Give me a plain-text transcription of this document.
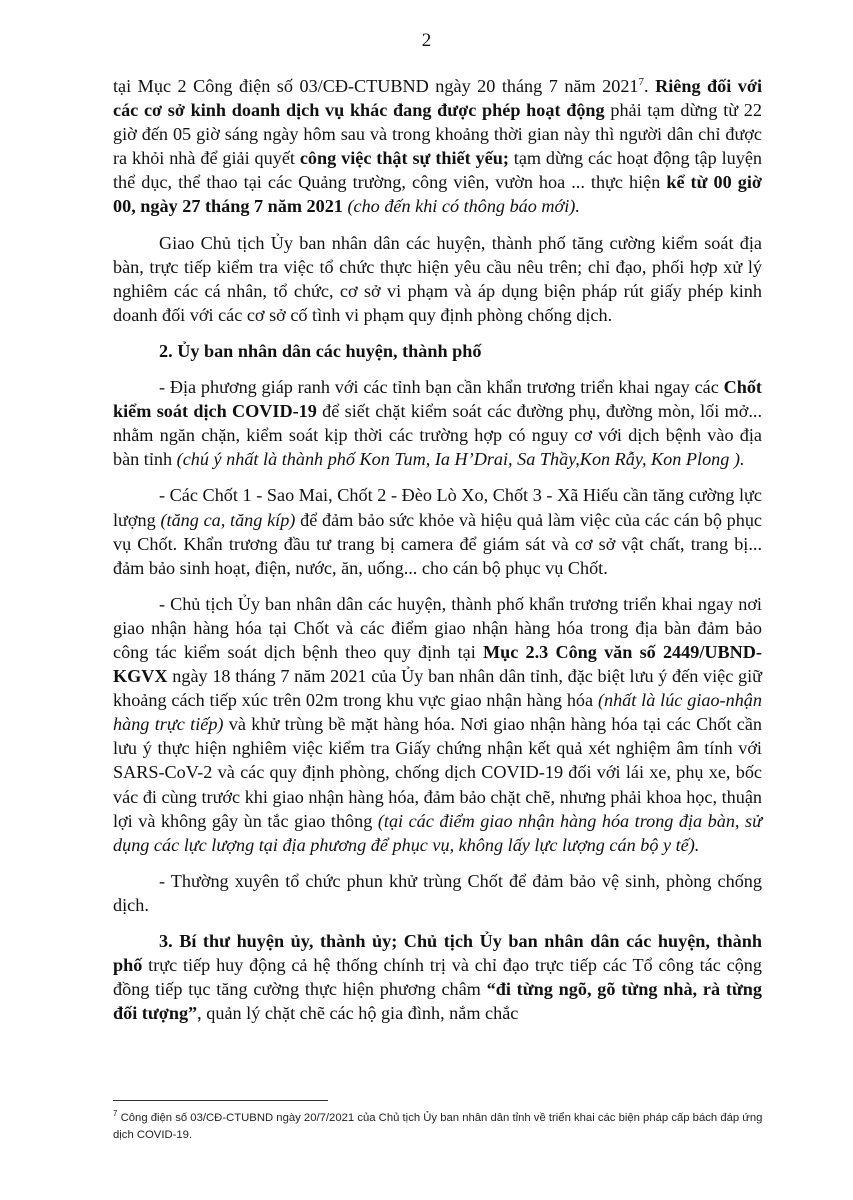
2

tại Mục 2 Công điện số 03/CĐ-CTUBND ngày 20 tháng 7 năm 2021$^7$. Riêng đối với các cơ sở kinh doanh dịch vụ khác đang được phép hoạt động phải tạm dừng từ 22 giờ đến 05 giờ sáng ngày hôm sau và trong khoảng thời gian này thì người dân chỉ được ra khỏi nhà để giải quyết công việc thật sự thiết yếu; tạm dừng các hoạt động tập luyện thể dục, thể thao tại các Quảng trường, công viên, vườn hoa ... thực hiện kể từ 00 giờ 00, ngày 27 tháng 7 năm 2021 (cho đến khi có thông báo mới).

Giao Chủ tịch Ủy ban nhân dân các huyện, thành phố tăng cường kiểm soát địa bàn, trực tiếp kiểm tra việc tổ chức thực hiện yêu cầu nêu trên; chỉ đạo, phối hợp xử lý nghiêm các cá nhân, tổ chức, cơ sở vi phạm và áp dụng biện pháp rút giấy phép kinh doanh đối với các cơ sở cố tình vi phạm quy định phòng chống dịch.

2. Ủy ban nhân dân các huyện, thành phố

- Địa phương giáp ranh với các tỉnh bạn cần khẩn trương triển khai ngay các Chốt kiểm soát dịch COVID-19 để siết chặt kiểm soát các đường phụ, đường mòn, lối mở... nhằm ngăn chặn, kiểm soát kịp thời các trường hợp có nguy cơ với dịch bệnh vào địa bàn tỉnh (chú ý nhất là thành phố Kon Tum, Ia H’Drai, Sa Thầy,Kon Rẫy, Kon Plong ).

- Các Chốt 1 - Sao Mai, Chốt 2 - Đèo Lò Xo, Chốt 3 - Xã Hiếu cần tăng cường lực lượng (tăng ca, tăng kíp) để đảm bảo sức khỏe và hiệu quả làm việc của các cán bộ phục vụ Chốt. Khẩn trương đầu tư trang bị camera để giám sát và cơ sở vật chất, trang bị... đảm bảo sinh hoạt, điện, nước, ăn, uống... cho cán bộ phục vụ Chốt.

- Chủ tịch Ủy ban nhân dân các huyện, thành phố khẩn trương triển khai ngay nơi giao nhận hàng hóa tại Chốt và các điểm giao nhận hàng hóa trong địa bàn đảm bảo công tác kiểm soát dịch bệnh theo quy định tại Mục 2.3 Công văn số 2449/UBND-KGVX ngày 18 tháng 7 năm 2021 của Ủy ban nhân dân tỉnh, đặc biệt lưu ý đến việc giữ khoảng cách tiếp xúc trên 02m trong khu vực giao nhận hàng hóa (nhất là lúc giao-nhận hàng trực tiếp) và khử trùng bề mặt hàng hóa. Nơi giao nhận hàng hóa tại các Chốt cần lưu ý thực hiện nghiêm việc kiểm tra Giấy chứng nhận kết quả xét nghiệm âm tính với SARS-CoV-2 và các quy định phòng, chống dịch COVID-19 đối với lái xe, phụ xe, bốc vác đi cùng trước khi giao nhận hàng hóa, đảm bảo chặt chẽ, nhưng phải khoa học, thuận lợi và không gây ùn tắc giao thông (tại các điểm giao nhận hàng hóa trong địa bàn, sử dụng các lực lượng tại địa phương để phục vụ, không lấy lực lượng cán bộ y tế).

- Thường xuyên tổ chức phun khử trùng Chốt để đảm bảo vệ sinh, phòng chống dịch.

3. Bí thư huyện ủy, thành ủy; Chủ tịch Ủy ban nhân dân các huyện, thành phố trực tiếp huy động cả hệ thống chính trị và chỉ đạo trực tiếp các Tổ công tác cộng đồng tiếp tục tăng cường thực hiện phương châm “đi từng ngõ, gõ từng nhà, rà từng đối tượng”, quản lý chặt chẽ các hộ gia đình, nắm chắc

$^7$ Công điện số 03/CĐ-CTUBND ngày 20/7/2021 của Chủ tịch Ủy ban nhân dân tỉnh về triển khai các biện pháp cấp bách đáp ứng dịch COVID-19.
